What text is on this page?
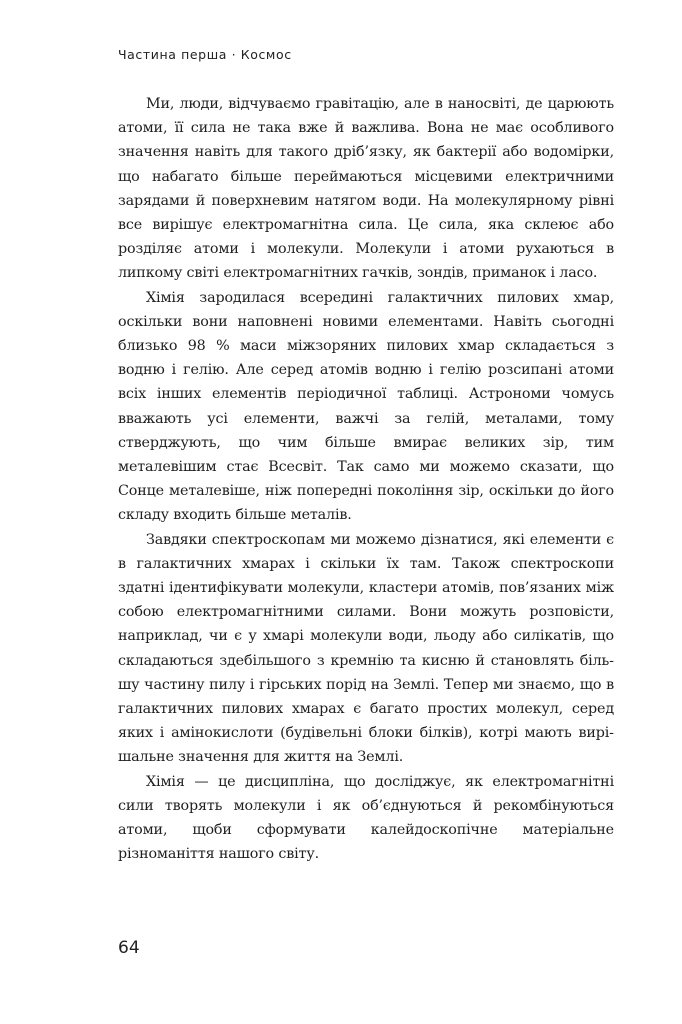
Частина перша · Космос

Ми, люди, відчуваємо гравітацію, але в наносвіті, де царюють атоми, її сила не така вже й важлива. Вона не має особливого значення навіть для такого дріб’язку, як бактерії або водомірки, що набагато більше переймаються місцевими електричними зарядами й поверхневим натягом води. На молекулярному рівні все вирішує електромагнітна сила. Це сила, яка склеює або розділяє атоми і молекули. Молекули і атоми рухаються в липкому світі електромагнітних гачків, зондів, приманок і ласо.

Хімія зародилася всередині галактичних пилових хмар, оскільки вони наповнені новими елементами. Навіть сьогодні близько 98 % маси міжзоряних пилових хмар складається з водню і гелію. Але серед атомів водню і гелію розсипані атоми всіх інших елементів періодичної таблиці. Астрономи чомусь вважають усі елементи, важчі за гелій, металами, тому стверджують, що чим більше вмирає великих зір, тим металевішим стає Всесвіт. Так само ми можемо сказати, що Сонце металевіше, ніж попередні покоління зір, оскільки до його складу входить більше металів.

Завдяки спектроскопам ми можемо дізнатися, які елементи є в галактичних хмарах і скільки їх там. Також спектроскопи здатні ідентифікувати молекули, кластери атомів, пов’язаних між собою електромагнітними силами. Вони можуть розповісти, наприклад, чи є у хмарі молекули води, льоду або силікатів, що складаються здебільшого з кремнію та кисню й становлять більшу частину пилу і гірських порід на Землі. Тепер ми знаємо, що в галактичних пилових хмарах є багато простих молекул, серед яких і амінокислоти (будівельні блоки білків), котрі мають вирішальне значення для життя на Землі.

Хімія — це дисципліна, що досліджує, як електромагнітні сили творять молекули і як об’єднуються й рекомбінуються атоми, щоби сформувати калейдоскопічне матеріальне різноманіття нашого світу.

64
